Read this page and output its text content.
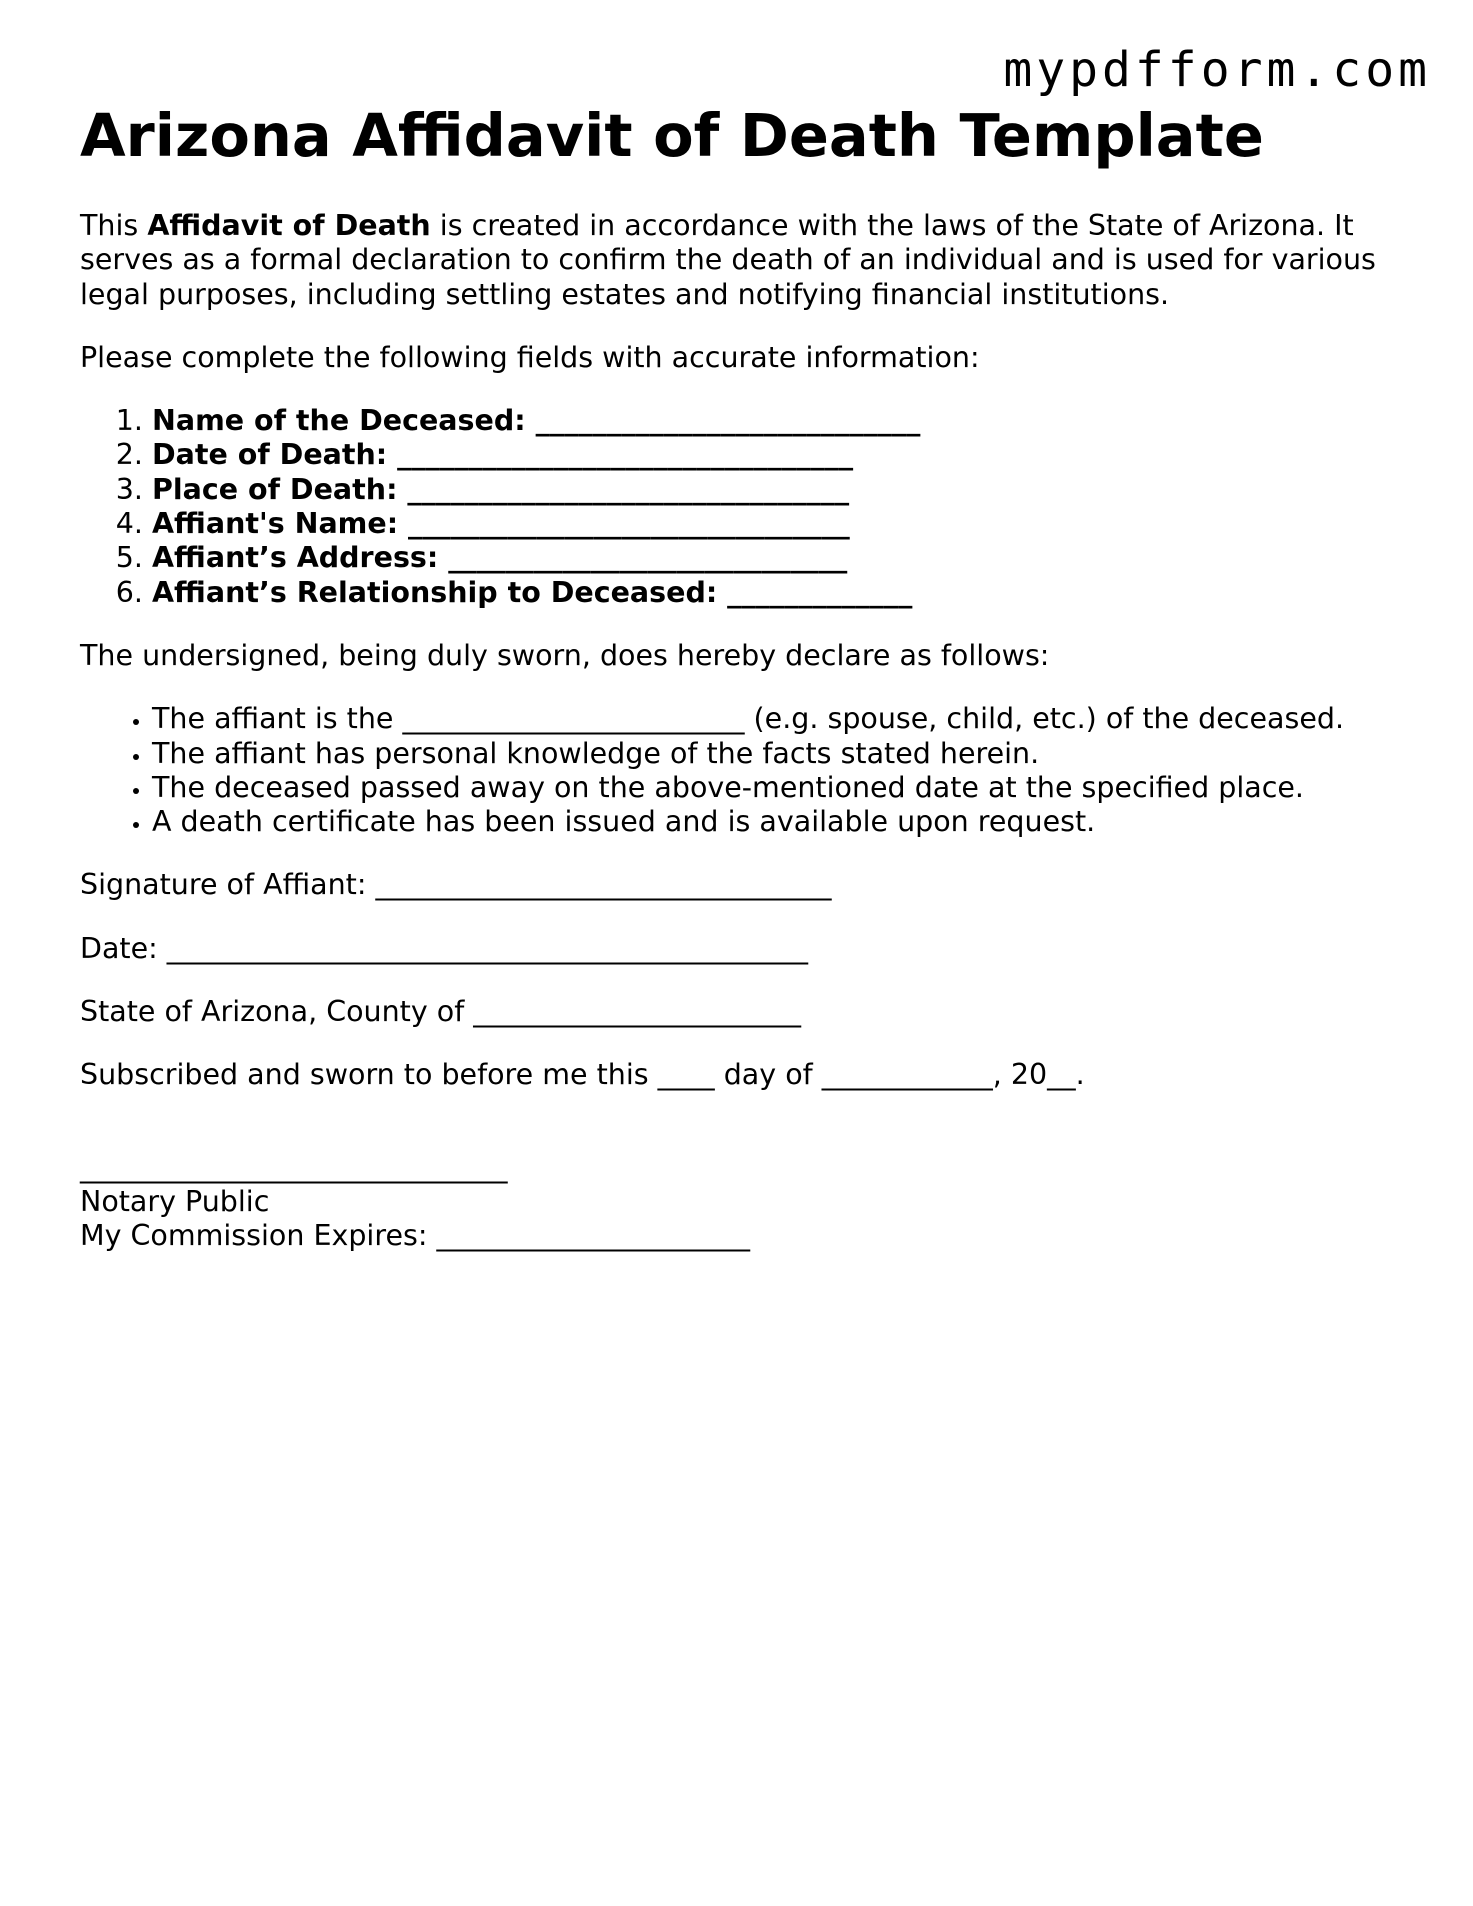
mypdfform.com
Arizona Affidavit of Death Template

This Affidavit of Death is created in accordance with the laws of the State of Arizona. It serves as a formal declaration to confirm the death of an individual and is used for various legal purposes, including settling estates and notifying financial institutions.

Please complete the following fields with accurate information:

1. Name of the Deceased: ___________________________
2. Date of Death: ________________________________
3. Place of Death: _______________________________
4. Affiant's Name: _______________________________
5. Affiant’s Address: ____________________________
6. Affiant’s Relationship to Deceased: _____________

The undersigned, being duly sworn, does hereby declare as follows:

• The affiant is the ________________________ (e.g. spouse, child, etc.) of the deceased.
• The affiant has personal knowledge of the facts stated herein.
• The deceased passed away on the above-mentioned date at the specified place.
• A death certificate has been issued and is available upon request.

Signature of Affiant: ________________________________

Date: _____________________________________________

State of Arizona, County of _______________________

Subscribed and sworn to before me this ____ day of ____________, 20__.

______________________________
Notary Public
My Commission Expires: ______________________
